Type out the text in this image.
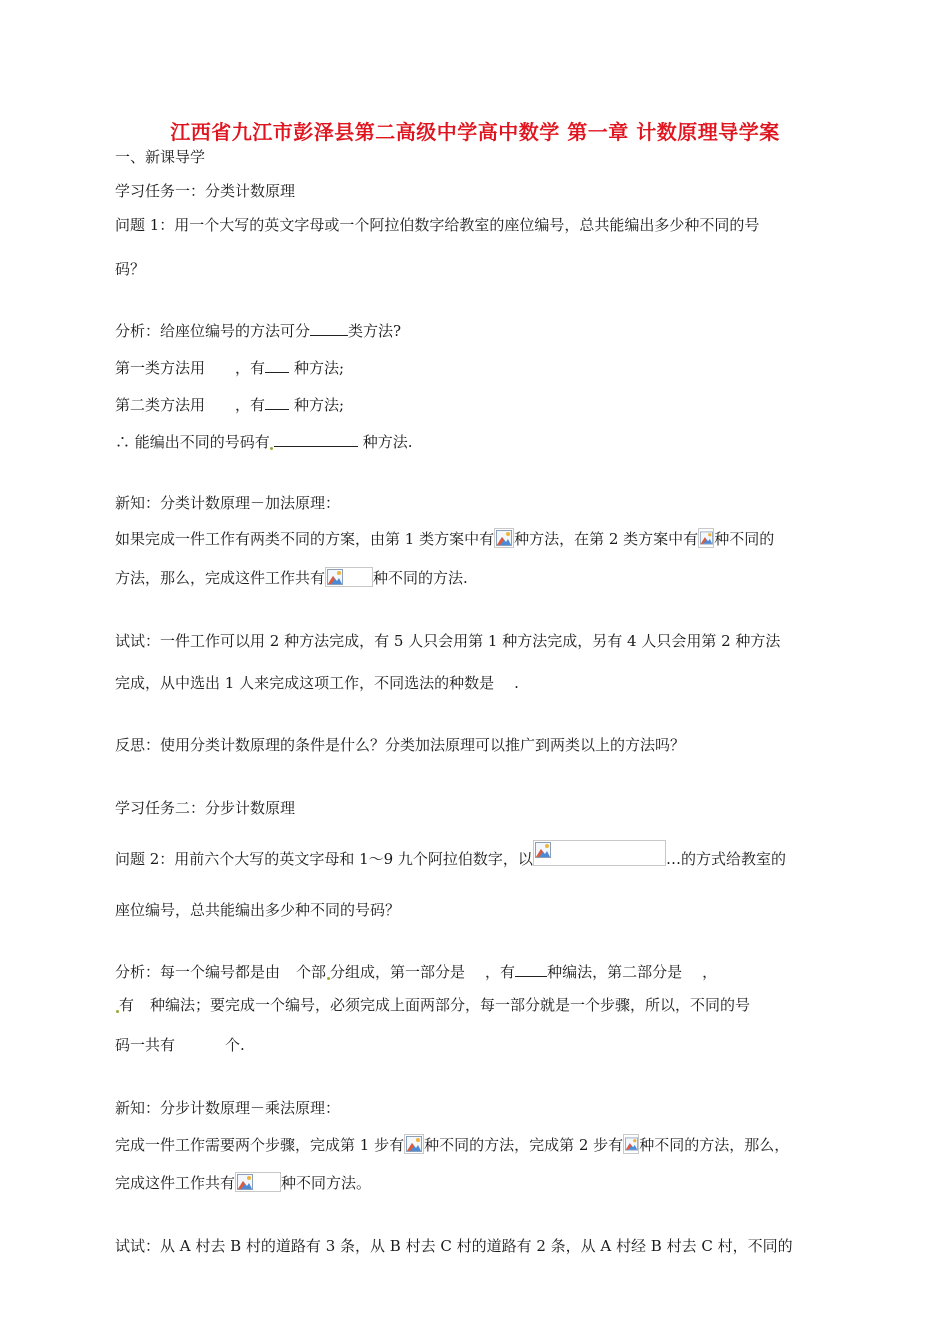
江西省九江市彭泽县第二高级中学高中数学 第一章 计数原理导学案
一、新课导学
学习任务一：分类计数原理
问题 1：用一个大写的英文字母或一个阿拉伯数字给教室的座位编号，总共能编出多少种不同的号
码？
分析：给座位编号的方法可分	类方法?
第一类方法用 ，有 种方法;
第二类方法用 ，有 种方法;
∴ 能编出不同的号码有	种方法.
新知：分类计数原理－加法原理：
如果完成一件工作有两类不同的方案，由第 1 类方案中有 种方法，在第 2 类方案中有 种不同的
方法，那么，完成这件工作共有	种不同的方法.
试试：一件工作可以用 2 种方法完成，有 5 人只会用第 1 种方法完成，另有 4 人只会用第 2 种方法
完成，从中选出 1 人来完成这项工作，不同选法的种数是 .
反思：使用分类计数原理的条件是什么？分类加法原理可以推广到两类以上的方法吗？
学习任务二：分步计数原理
问题 2：用前六个大写的英文字母和 1～9 九个阿拉伯数字，以	…的方式给教室的
座位编号，总共能编出多少种不同的号码？
分析：每一个编号都是由 个部 分组成，第一部分是 ，有 种编法，第二部分是 ，
有 种编法；要完成一个编号，必须完成上面两部分，每一部分就是一个步骤，所以，不同的号
码一共有	个.
新知：分步计数原理－乘法原理：
完成一件工作需要两个步骤，完成第 1 步有 种不同的方法，完成第 2 步有 种不同的方法，那么，
完成这件工作共有	种不同方法。
试试：从 A 村去 B 村的道路有 3 条，从 B 村去 C 村的道路有 2 条，从 A 村经 B 村去 C 村，不同的
